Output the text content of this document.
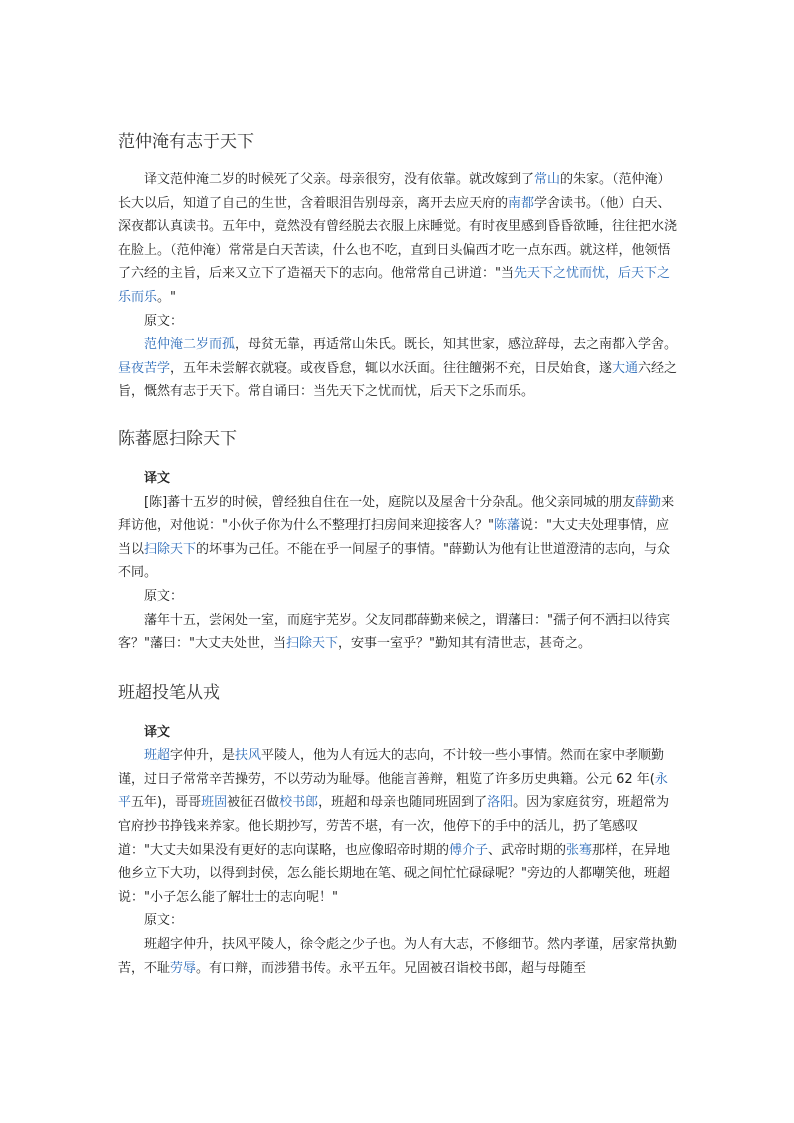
范仲淹有志于天下
译文范仲淹二岁的时候死了父亲。母亲很穷，没有依靠。就改嫁到了常山的朱家。（范仲淹）长大以后，知道了自己的生世，含着眼泪告别母亲，离开去应天府的南都学舍读书。（他）白天、深夜都认真读书。五年中，竟然没有曾经脱去衣服上床睡觉。有时夜里感到昏昏欲睡，往往把水浇在脸上。（范仲淹）常常是白天苦读，什么也不吃，直到日头偏西才吃一点东西。就这样，他领悟了六经的主旨，后来又立下了造福天下的志向。他常常自己讲道："当先天下之忧而忧，后天下之乐而乐。"
原文：
范仲淹二岁而孤，母贫无靠，再适常山朱氏。既长，知其世家，感泣辞母，去之南都入学舍。昼夜苦学，五年未尝解衣就寝。或夜昏怠，辄以水沃面。往往饘粥不充，日昃始食，遂大通六经之旨，慨然有志于天下。常自诵曰：当先天下之忧而忧，后天下之乐而乐。
陈蕃愿扫除天下
译文
[陈]蕃十五岁的时候，曾经独自住在一处，庭院以及屋舍十分杂乱。他父亲同城的朋友薛勤来拜访他，对他说："小伙子你为什么不整理打扫房间来迎接客人？"陈藩说："大丈夫处理事情，应当以扫除天下的坏事为己任。不能在乎一间屋子的事情。"薛勤认为他有让世道澄清的志向，与众不同。
原文：
藩年十五，尝闲处一室，而庭宇芜岁。父友同郡薛勤来候之，谓藩曰："孺子何不洒扫以待宾客？"藩曰："大丈夫处世，当扫除天下，安事一室乎？"勤知其有清世志，甚奇之。
班超投笔从戎
译文
班超字仲升，是扶风平陵人，他为人有远大的志向，不计较一些小事情。然而在家中孝顺勤谨，过日子常常辛苦操劳，不以劳动为耻辱。他能言善辩，粗览了许多历史典籍。公元 62 年(永平五年)，哥哥班固被征召做校书郎，班超和母亲也随同班固到了洛阳。因为家庭贫穷，班超常为官府抄书挣钱来养家。他长期抄写，劳苦不堪，有一次，他停下的手中的活儿，扔了笔感叹道："大丈夫如果没有更好的志向谋略，也应像昭帝时期的傅介子、武帝时期的张骞那样，在异地他乡立下大功，以得到封侯，怎么能长期地在笔、砚之间忙忙碌碌呢？"旁边的人都嘲笑他，班超说："小子怎么能了解壮士的志向呢！"
原文：
班超字仲升，扶风平陵人，徐令彪之少子也。为人有大志，不修细节。然内孝谨，居家常执勤苦，不耻劳辱。有口辩，而涉猎书传。永平五年。兄固被召诣校书郎，超与母随至
